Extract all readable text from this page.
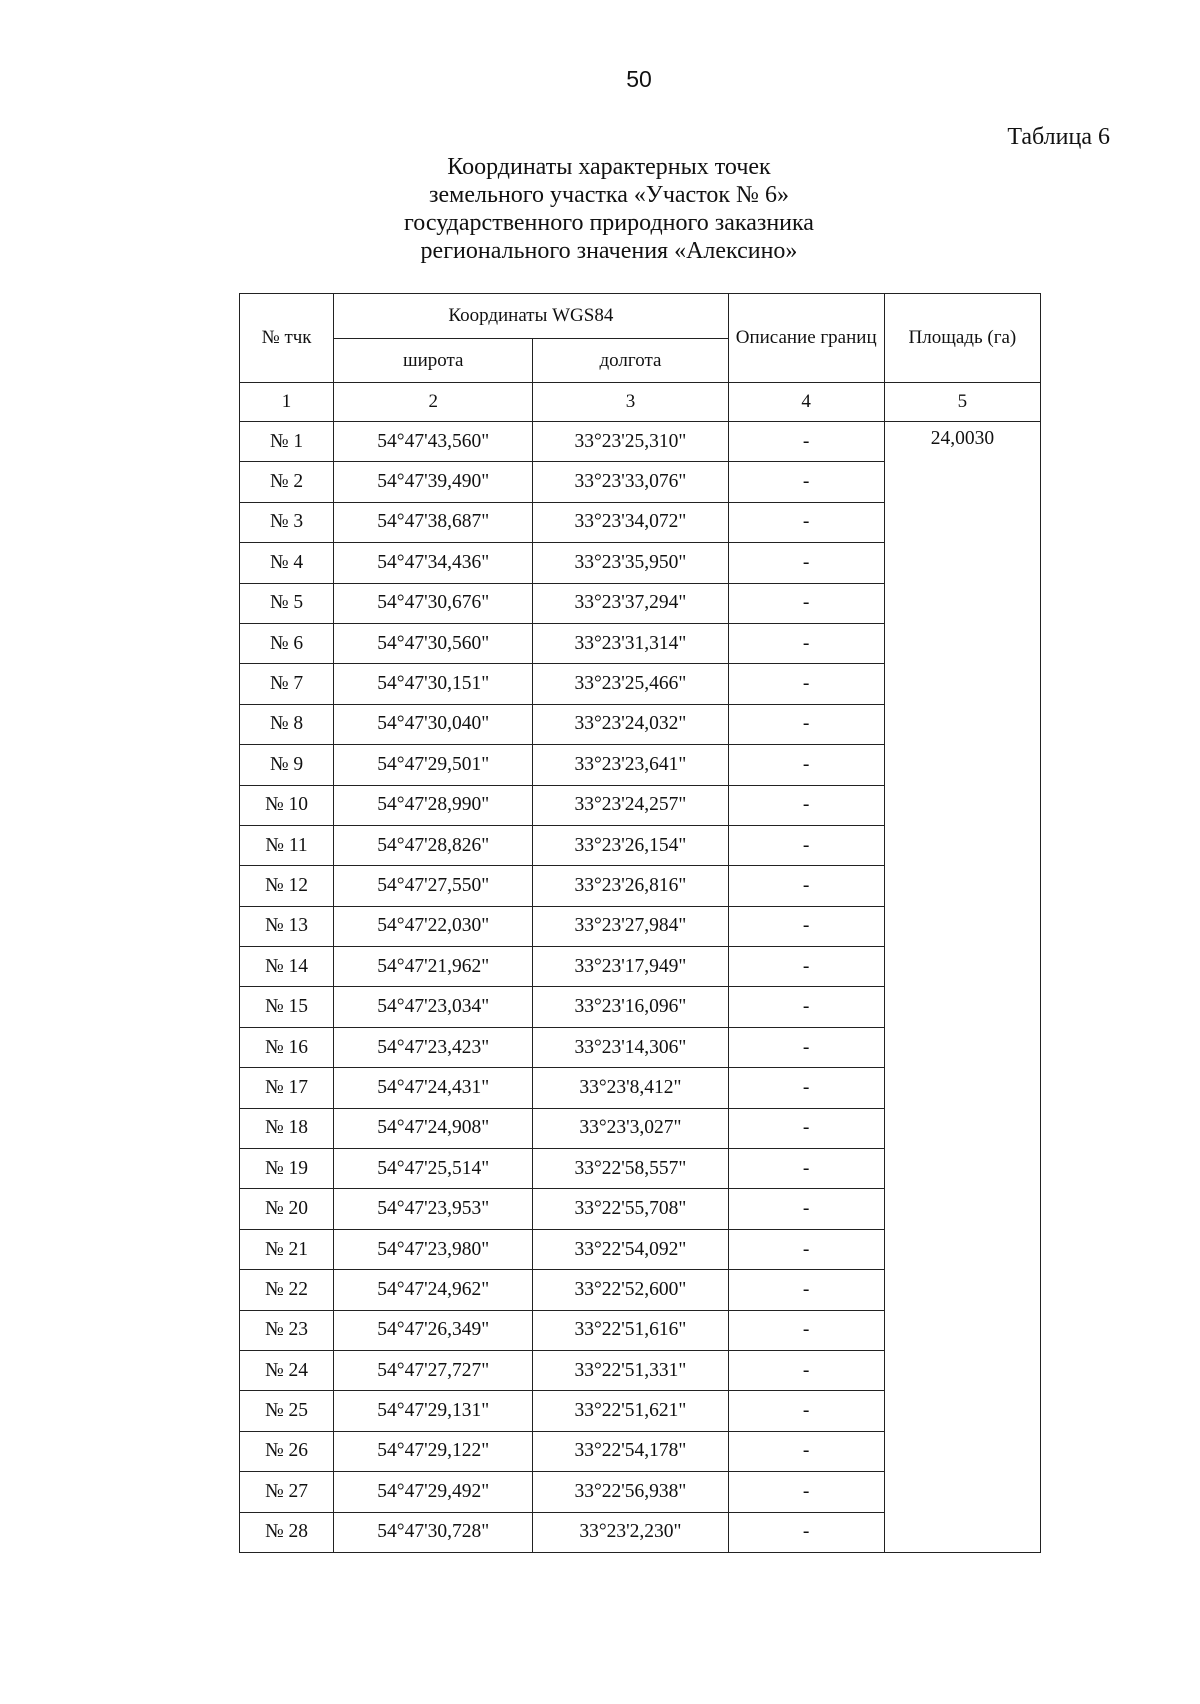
50
Таблица 6
Координаты характерных точек
земельного участка «Участок № 6»
государственного природного заказника
регионального значения «Алексино»
№ тчк	Координаты WGS84		Описание границ	Площадь (га)
	широта	долгота		
1	2	3	4	5
№ 1	54°47'43,560"	33°23'25,310"	-	24,0030
№ 2	54°47'39,490"	33°23'33,076"	-	
№ 3	54°47'38,687"	33°23'34,072"	-	
№ 4	54°47'34,436"	33°23'35,950"	-	
№ 5	54°47'30,676"	33°23'37,294"	-	
№ 6	54°47'30,560"	33°23'31,314"	-	
№ 7	54°47'30,151"	33°23'25,466"	-	
№ 8	54°47'30,040"	33°23'24,032"	-	
№ 9	54°47'29,501"	33°23'23,641"	-	
№ 10	54°47'28,990"	33°23'24,257"	-	
№ 11	54°47'28,826"	33°23'26,154"	-	
№ 12	54°47'27,550"	33°23'26,816"	-	
№ 13	54°47'22,030"	33°23'27,984"	-	
№ 14	54°47'21,962"	33°23'17,949"	-	
№ 15	54°47'23,034"	33°23'16,096"	-	
№ 16	54°47'23,423"	33°23'14,306"	-	
№ 17	54°47'24,431"	33°23'8,412"	-	
№ 18	54°47'24,908"	33°23'3,027"	-	
№ 19	54°47'25,514"	33°22'58,557"	-	
№ 20	54°47'23,953"	33°22'55,708"	-	
№ 21	54°47'23,980"	33°22'54,092"	-	
№ 22	54°47'24,962"	33°22'52,600"	-	
№ 23	54°47'26,349"	33°22'51,616"	-	
№ 24	54°47'27,727"	33°22'51,331"	-	
№ 25	54°47'29,131"	33°22'51,621"	-	
№ 26	54°47'29,122"	33°22'54,178"	-	
№ 27	54°47'29,492"	33°22'56,938"	-	
№ 28	54°47'30,728"	33°23'2,230"	-	
